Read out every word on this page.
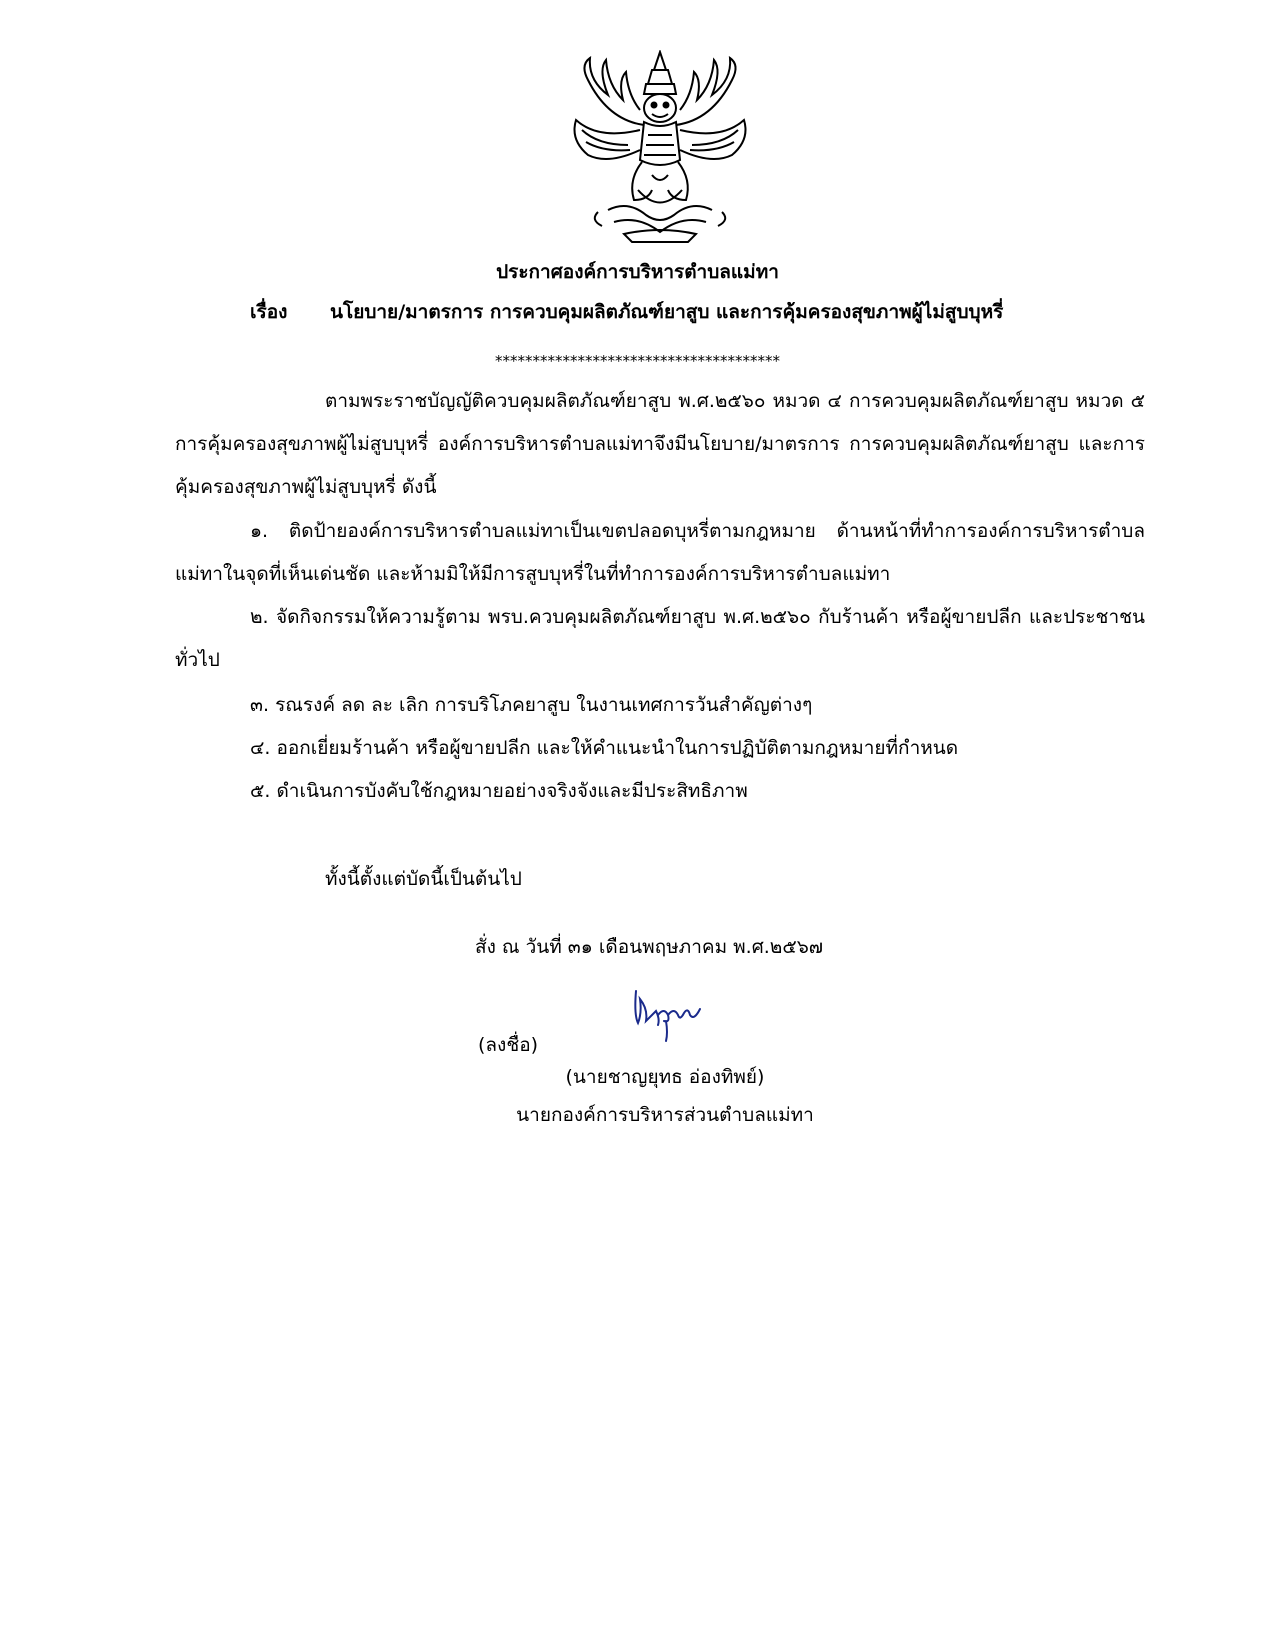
ประกาศองค์การบริหารตำบลแม่ทา
เรื่อง นโยบาย/มาตรการ การควบคุมผลิตภัณฑ์ยาสูบ และการคุ้มครองสุขภาพผู้ไม่สูบบุหรี่
**************************************
ตามพระราชบัญญัติควบคุมผลิตภัณฑ์ยาสูบ พ.ศ.๒๕๖๐ หมวด ๔ การควบคุมผลิตภัณฑ์ยาสูบ หมวด ๕ การคุ้มครองสุขภาพผู้ไม่สูบบุหรี่ องค์การบริหารตำบลแม่ทาจึงมีนโยบาย/มาตรการ การควบคุมผลิตภัณฑ์ยาสูบ และการคุ้มครองสุขภาพผู้ไม่สูบบุหรี่ ดังนี้
๑. ติดป้ายองค์การบริหารตำบลแม่ทาเป็นเขตปลอดบุหรี่ตามกฎหมาย ด้านหน้าที่ทำการองค์การบริหารตำบลแม่ทาในจุดที่เห็นเด่นชัด และห้ามมิให้มีการสูบบุหรี่ในที่ทำการองค์การบริหารตำบลแม่ทา
๒. จัดกิจกรรมให้ความรู้ตาม พรบ.ควบคุมผลิตภัณฑ์ยาสูบ พ.ศ.๒๕๖๐ กับร้านค้า หรือผู้ขายปลีก และประชาชนทั่วไป
๓. รณรงค์ ลด ละ เลิก การบริโภคยาสูบ ในงานเทศการวันสำคัญต่างๆ
๔. ออกเยี่ยมร้านค้า หรือผู้ขายปลีก และให้คำแนะนำในการปฏิบัติตามกฎหมายที่กำหนด
๕. ดำเนินการบังคับใช้กฎหมายอย่างจริงจังและมีประสิทธิภาพ
ทั้งนี้ตั้งแต่บัดนี้เป็นต้นไป
สั่ง ณ วันที่ ๓๑ เดือนพฤษภาคม พ.ศ.๒๕๖๗
(ลงชื่อ)
(นายชาญยุทธ อ่องทิพย์)
นายกองค์การบริหารส่วนตำบลแม่ทา
